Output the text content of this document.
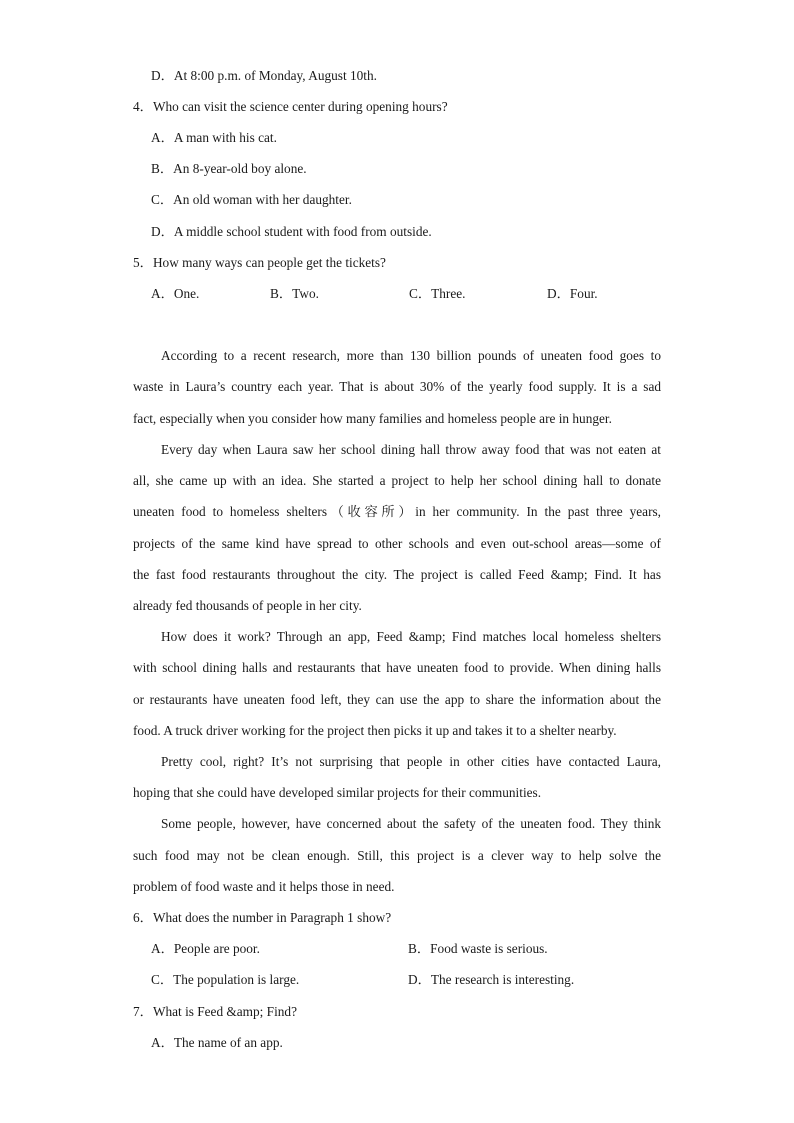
D．At 8:00 p.m. of Monday, August 10th.
4．Who can visit the science center during opening hours?
A．A man with his cat.
B．An 8-year-old boy alone.
C．An old woman with her daughter.
D．A middle school student with food from outside.
5．How many ways can people get the tickets?
A．One.	B．Two.	C．Three.	D．Four.
According to a recent research, more than 130 billion pounds of uneaten food goes to
waste in Laura’s country each year. That is about 30% of the yearly food supply. It is a sad
fact, especially when you consider how many families and homeless people are in hunger.
Every day when Laura saw her school dining hall throw away food that was not eaten at
all, she came up with an idea. She started a project to help her school dining hall to donate
uneaten food to homeless shelters（收容所）in her community. In the past three years,
projects of the same kind have spread to other schools and even out-school areas—some of
the fast food restaurants throughout the city. The project is called Feed &amp; Find. It has
already fed thousands of people in her city.
How does it work? Through an app, Feed &amp; Find matches local homeless shelters
with school dining halls and restaurants that have uneaten food to provide. When dining halls
or restaurants have uneaten food left, they can use the app to share the information about the
food. A truck driver working for the project then picks it up and takes it to a shelter nearby.
Pretty cool, right? It’s not surprising that people in other cities have contacted Laura,
hoping that she could have developed similar projects for their communities.
Some people, however, have concerned about the safety of the uneaten food. They think
such food may not be clean enough. Still, this project is a clever way to help solve the
problem of food waste and it helps those in need.
6．What does the number in Paragraph 1 show?
A．People are poor.	B．Food waste is serious.
C．The population is large.	D．The research is interesting.
7．What is Feed &amp; Find?
A．The name of an app.
